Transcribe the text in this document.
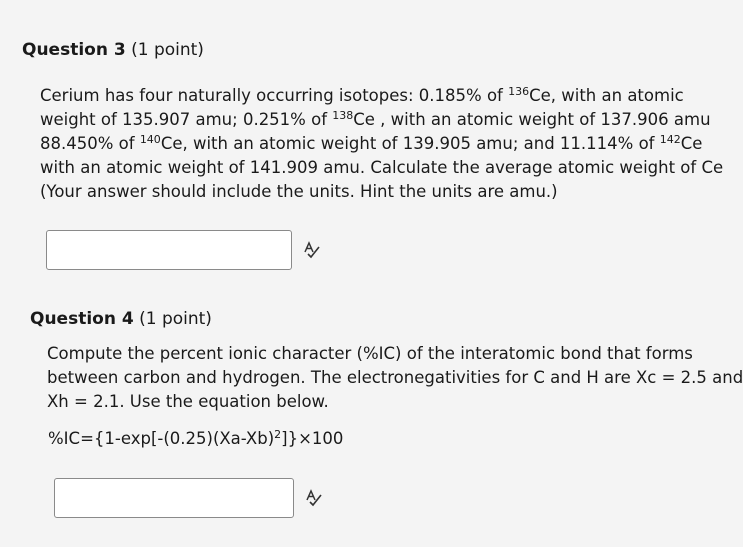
Question 3 (1 point)
Cerium has four naturally occurring isotopes: 0.185% of $^{136}$Ce, with an atomic
weight of 135.907 amu; 0.251% of $^{138}$Ce , with an atomic weight of 137.906 amu
88.450% of $^{140}$Ce, with an atomic weight of 139.905 amu; and 11.114% of $^{142}$Ce
with an atomic weight of 141.909 amu. Calculate the average atomic weight of Ce
(Your answer should include the units. Hint the units are amu.)
Question 4 (1 point)
Compute the percent ionic character (%IC) of the interatomic bond that forms
between carbon and hydrogen. The electronegativities for C and H are Xc = 2.5 and
Xh = 2.1. Use the equation below.
$\%IC=\{1-\exp[-(0.25)(Xa-Xb)^2]\}\times 100$
